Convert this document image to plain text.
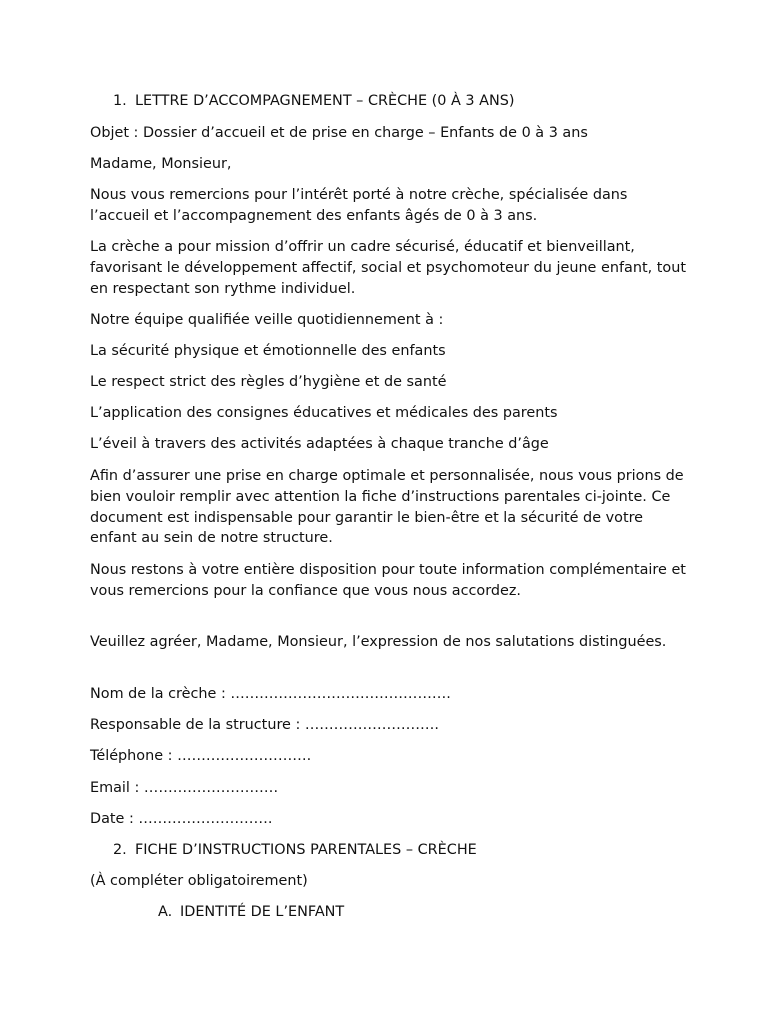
1. LETTRE D’ACCOMPAGNEMENT – CRÈCHE (0 À 3 ANS)

Objet : Dossier d’accueil et de prise en charge – Enfants de 0 à 3 ans

Madame, Monsieur,

Nous vous remercions pour l’intérêt porté à notre crèche, spécialisée dans l’accueil et l’accompagnement des enfants âgés de 0 à 3 ans.

La crèche a pour mission d’offrir un cadre sécurisé, éducatif et bienveillant, favorisant le développement affectif, social et psychomoteur du jeune enfant, tout en respectant son rythme individuel.

Notre équipe qualifiée veille quotidiennement à :

La sécurité physique et émotionnelle des enfants

Le respect strict des règles d’hygiène et de santé

L’application des consignes éducatives et médicales des parents

L’éveil à travers des activités adaptées à chaque tranche d’âge

Afin d’assurer une prise en charge optimale et personnalisée, nous vous prions de bien vouloir remplir avec attention la fiche d’instructions parentales ci-jointe. Ce document est indispensable pour garantir le bien-être et la sécurité de votre enfant au sein de notre structure.

Nous restons à votre entière disposition pour toute information complémentaire et vous remercions pour la confiance que vous nous accordez.

Veuillez agréer, Madame, Monsieur, l’expression de nos salutations distinguées.

Nom de la crèche : ……………………………………….

Responsable de la structure : ……………………….

Téléphone : ……………………….

Email : ……………………….

Date : ……………………….

2. FICHE D’INSTRUCTIONS PARENTALES – CRÈCHE

(À compléter obligatoirement)

A. IDENTITÉ DE L’ENFANT
